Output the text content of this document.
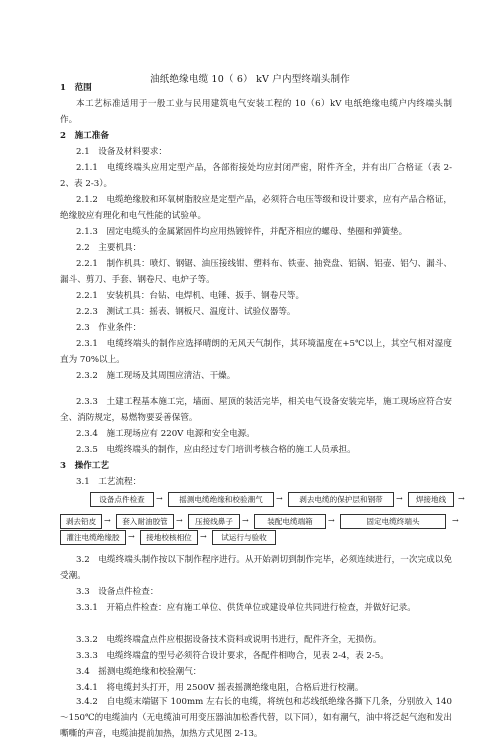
油纸绝缘电缆 10（ 6） kV 户内型终端头制作
1　范围
本工艺标准适用于一般工业与民用建筑电气安装工程的 10（6）kV 电纸绝缘电缆户内终端头制作。
2　施工准备
2.1　设备及材料要求：
2.1.1　电缆终端头应用定型产品，各部衔接处均应封闭严密，附件齐全，并有出厂合格证（表 2-2、表 2-3）。
2.1.2　电缆绝缘胶和环氧树脂胶应是定型产品，必须符合电压等级和设计要求，应有产品合格证，绝缘胶应有理化和电气性能的试验单。
2.1.3　固定电缆头的金属紧固件均应用热镀锌件，并配齐相应的螺母、垫圈和弹簧垫。
2.2　主要机具：
2.2.1　制作机具：喷灯、钢锯、油压接线钳、塑料布、铁壶、抽瓷盘、铝锅、铝壶、铝勺、漏斗、漏斗、剪刀、手套、钢卷尺、电炉子等。
2.2.1　安装机具：台钻、电焊机、电锤、扳手、钢卷尺等。
2.2.3　测试工具：摇表、钢板尺、温度计、试验仪器等。
2.3　作业条件：
2.3.1　电缆终端头的制作应选择晴朗的无风天气制作，其环境温度在+5℃以上，其空气相对湿度直为 70%以上。
2.3.2　施工现场及其周围应清洁、干燥。
2.3.3　土建工程基本施工完，墙面、屋顶的装活完毕，相关电气设备安装完毕，施工现场应符合安全、消防规定，易燃物要妥善保管。
2.3.4　施工现场应有 220V 电源和安全电源。
2.3.5　电缆终端头的制作，应由经过专门培训考核合格的施工人员承担。
3　操作工艺
3.1　工艺流程：
设备点件检查	→	摇测电缆绝缘和校验潮气	→	剥去电缆的保护层和钢带	→	焊接地线	→
剥去铅皮 →	套入耐油胶管	→	压接线鼻子	→	装配电缆端箱	→	固定电缆终端头	→
灌注电缆绝缘胶	→	接地校核相位	→	试运行与验收
3.2　电缆终端头制作按以下制作程序进行。从开始剥切到制作完毕，必须连续进行，一次完成以免受潮。
3.3　设备点件检查：
3.3.1　开箱点件检查：应有施工单位、供货单位或建设单位共同进行检查，并做好记录。
3.3.2　电缆终端盒点件应根据设备技术资料或说明书进行，配件齐全，无损伤。
3.3.3　电缆终端盒的型号必须符合设计要求，各配件相吻合，见表 2-4，表 2-5。
3.4　摇测电缆绝缘和校验潮气：
3.4.1　将电缆封头打开，用 2500V 摇表摇测绝缘电阻，合格后进行校潮。
3.4.2　自电缆末端锯下 100mm 左右长的电缆，将统包和芯线纸绝缘各撕下几条，分别放入 140～150℃的电缆油内（无电缆油可用变压器油加松香代替，以下同），如有潮气，油中将泛起气泡和发出嘶嘶的声音，电缆油提前加热，加热方式见图 2-13。
